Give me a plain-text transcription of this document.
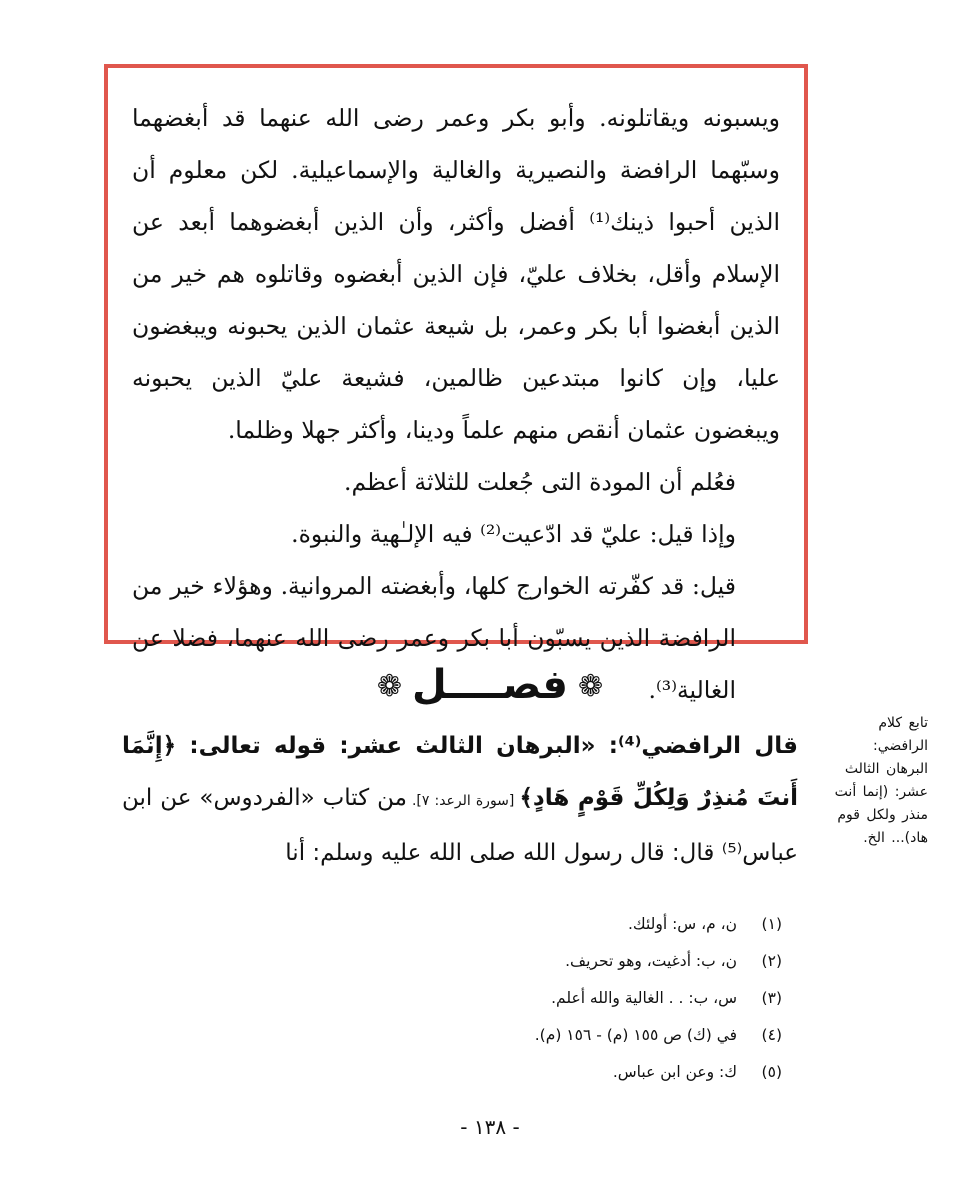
ويسبونه ويقاتلونه. وأبو بكر وعمر رضى الله عنهما قد أبغضهما وسبّهما الرافضة والنصيرية والغالية والإسماعيلية. لكن معلوم أن الذين أحبوا ذينك⁽¹⁾ أفضل وأكثر، وأن الذين أبغضوهما أبعد عن الإسلام وأقل، بخلاف عليّ، فإن الذين أبغضوه وقاتلوه هم خير من الذين أبغضوا أبا بكر وعمر، بل شيعة عثمان الذين يحبونه ويبغضون عليا، وإن كانوا مبتدعين ظالمين، فشيعة عليّ الذين يحبونه ويبغضون عثمان أنقص منهم علماً ودينا، وأكثر جهلا وظلما.

فعُلم أن المودة التى جُعلت للثلاثة أعظم.

وإذا قيل: عليّ قد ادّعيت⁽²⁾ فيه الإلـٰهية والنبوة.

قيل: قد كفّرته الخوارج كلها، وأبغضته المروانية. وهؤلاء خير من الرافضة الذين يسبّون أبا بكر وعمر رضى الله عنهما، فضلا عن الغالية⁽³⁾.

❁فصــــل❁
تابع كلام الرافضي: البرهان الثالث عشر: (إنما أنت منذر ولكل قوم هاد)... الخ.
قال الرافضي⁽⁴⁾: «البرهان الثالث عشر: قوله تعالى: ﴿إِنَّمَا أَنتَ مُنذِرٌ وَلِكُلِّ قَوْمٍ هَادٍ﴾ [سورة الرعد: ٧]. من كتاب «الفردوس» عن ابن عباس⁽⁵⁾ قال: قال رسول الله صلى الله عليه وسلم: أنا
(١) ن، م، س: أولئك.
(٢) ن، ب: أدغيت، وهو تحريف.
(٣) س، ب: . . الغالية والله أعلم.
(٤) في (ك) ص ١٥٥ (م) - ١٥٦ (م).
(٥) ك: وعن ابن عباس.
- ١٣٨ -
